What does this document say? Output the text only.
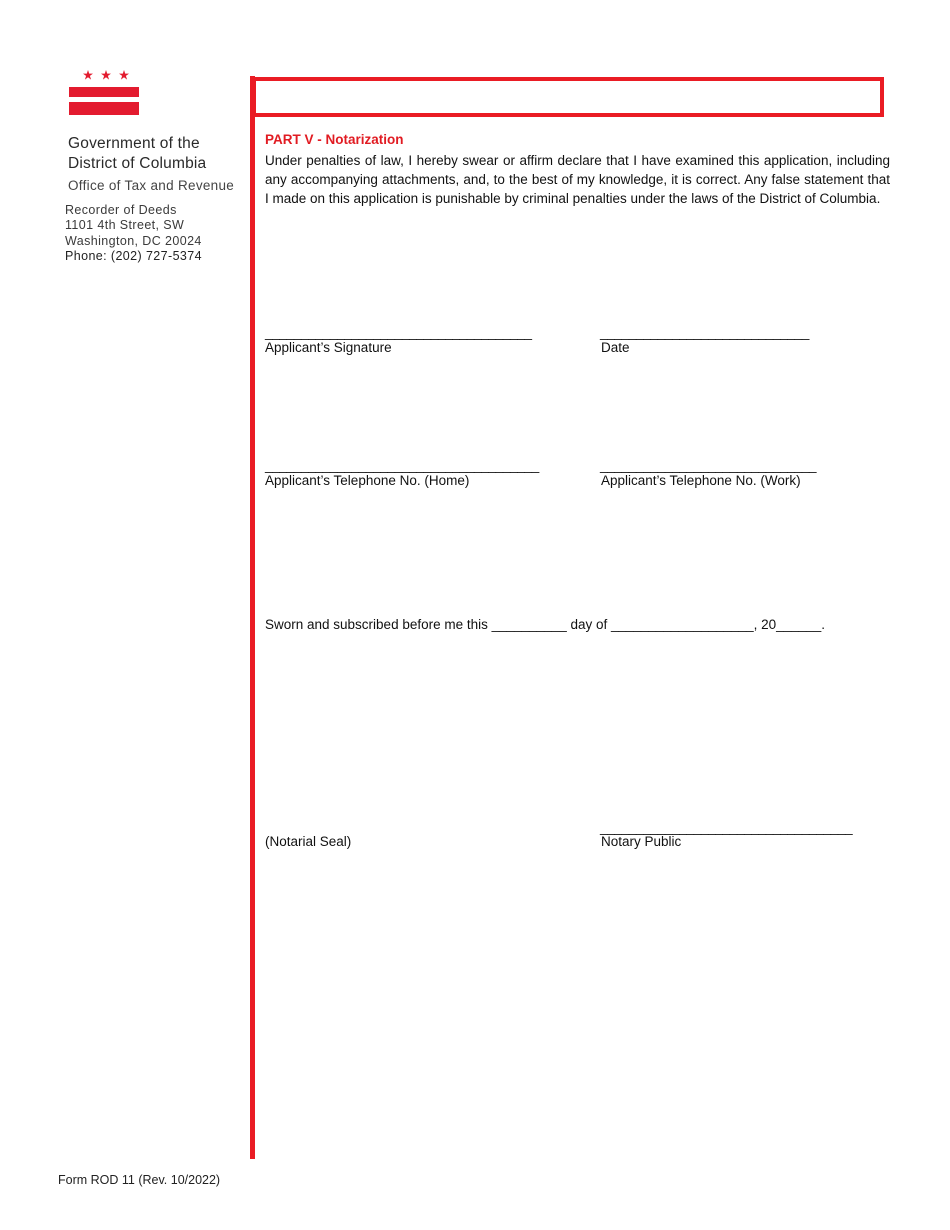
Government of the
District of Columbia
Office of Tax and Revenue
Recorder of Deeds
1101 4th Street, SW
Washington, DC 20024
Phone: (202) 727-5374
PART V - Notarization
Under penalties of law, I hereby swear or affirm declare that I have examined this application, including any accompanying attachments, and, to the best of my knowledge, it is correct. Any false statement that I made on this application is punishable by criminal penalties under the laws of the District of Columbia.
_____________________________________
Applicant’s Signature
_____________________________
Date
______________________________________
Applicant’s Telephone No. (Home)
______________________________
Applicant’s Telephone No. (Work)
Sworn and subscribed before me this __________ day of ___________________, 20______.
(Notarial Seal)
___________________________________
Notary Public
Form ROD 11 (Rev. 10/2022)
